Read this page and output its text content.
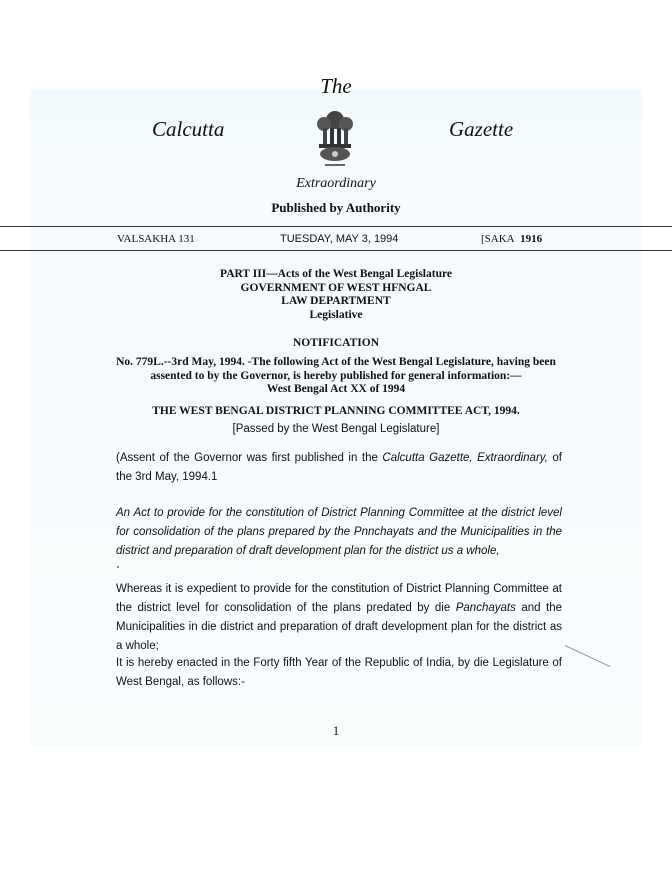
The
Calcutta	Gazette
Extraordinary
Published by Authority
VALSAKHA 131	TUESDAY, MAY 3, 1994	[SAKA 1916
PART III—Acts of the West Bengal Legislature
GOVERNMENT OF WEST HFNGAL
LAW DEPARTMENT
Legislative
NOTIFICATION
No. 779L.--3rd May, 1994. -The following Act of the West Bengal Legislature, having been assented to by the Governor, is hereby published for general information:—
West Bengal Act XX of 1994
THE WEST BENGAL DISTRICT PLANNING COMMITTEE ACT, 1994.
[Passed by the West Bengal Legislature]
(Assent of the Governor was first published in the Calcutta Gazette, Extraordinary, of the 3rd May, 1994.1
An Act to provide for the constitution of District Planning Committee at the district level for consolidation of the plans prepared by the Pnnchayats and the Municipalities in the district and preparation of draft development plan for the district us a whole,
Whereas it is expedient to provide for the constitution of District Planning Committee at the district level for consolidation of the plans predated by die Panchayats and the Municipalities in die district and preparation of draft development plan for the district as a whole;
It is hereby enacted in the Forty fifth Year of the Republic of India, by die Legislature of West Bengal, as follows:-
1
